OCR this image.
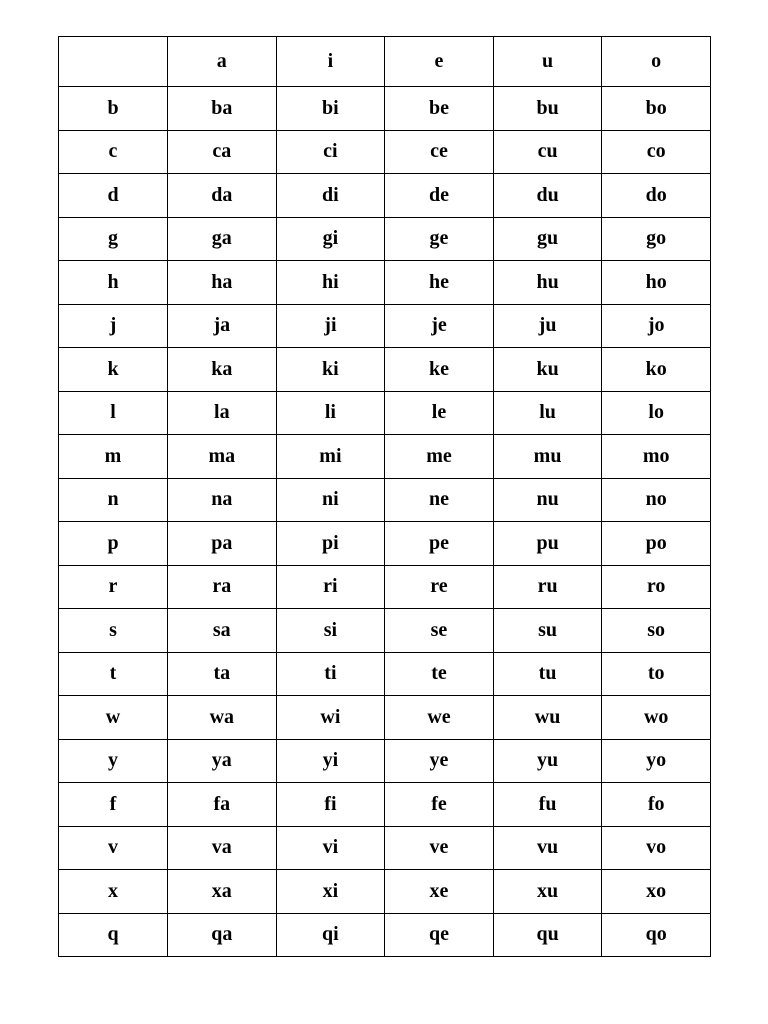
	a	i	e	u	o
b	ba	bi	be	bu	bo
c	ca	ci	ce	cu	co
d	da	di	de	du	do
g	ga	gi	ge	gu	go
h	ha	hi	he	hu	ho
j	ja	ji	je	ju	jo
k	ka	ki	ke	ku	ko
l	la	li	le	lu	lo
m	ma	mi	me	mu	mo
n	na	ni	ne	nu	no
p	pa	pi	pe	pu	po
r	ra	ri	re	ru	ro
s	sa	si	se	su	so
t	ta	ti	te	tu	to
w	wa	wi	we	wu	wo
y	ya	yi	ye	yu	yo
f	fa	fi	fe	fu	fo
v	va	vi	ve	vu	vo
x	xa	xi	xe	xu	xo
q	qa	qi	qe	qu	qo
